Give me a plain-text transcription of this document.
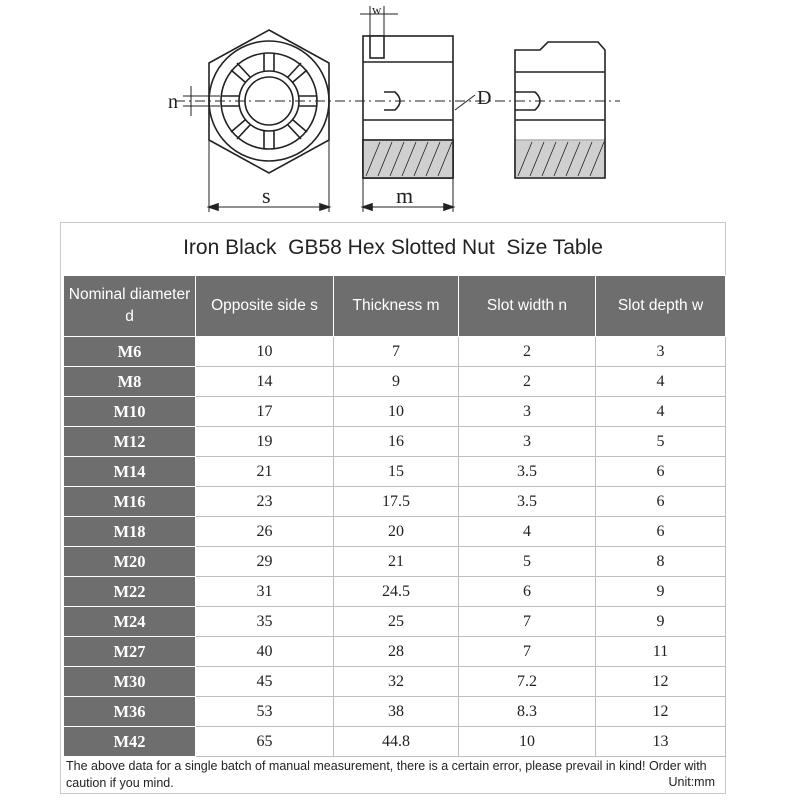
w
n	D
s	m
Iron Black  GB58 Hex Slotted Nut  Size Table
Nominal diameter d	Opposite side s	Thickness m	Slot width n	Slot depth w
M6	10	7	2	3
M8	14	9	2	4
M10	17	10	3	4
M12	19	16	3	5
M14	21	15	3.5	6
M16	23	17.5	3.5	6
M18	26	20	4	6
M20	29	21	5	8
M22	31	24.5	6	9
M24	35	25	7	9
M27	40	28	7	11
M30	45	32	7.2	12
M36	53	38	8.3	12
M42	65	44.8	10	13
The above data for a single batch of manual measurement, there is a certain error, please prevail in kind! Order with caution if you mind.	Unit:mm
